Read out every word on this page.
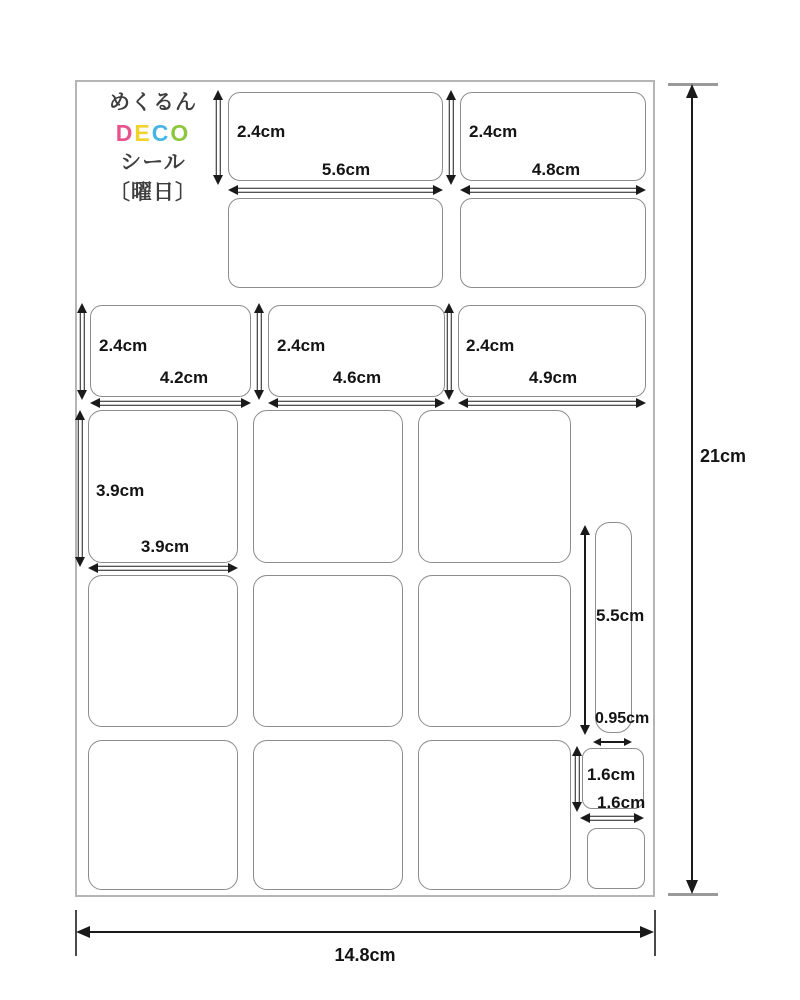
めくるん
DECO
シール
〔曜日〕
2.4cm
5.6cm
2.4cm
4.8cm
2.4cm
4.2cm
2.4cm
4.6cm
2.4cm
4.9cm
3.9cm
3.9cm
5.5cm
0.95cm
1.6cm
1.6cm
21cm
14.8cm
